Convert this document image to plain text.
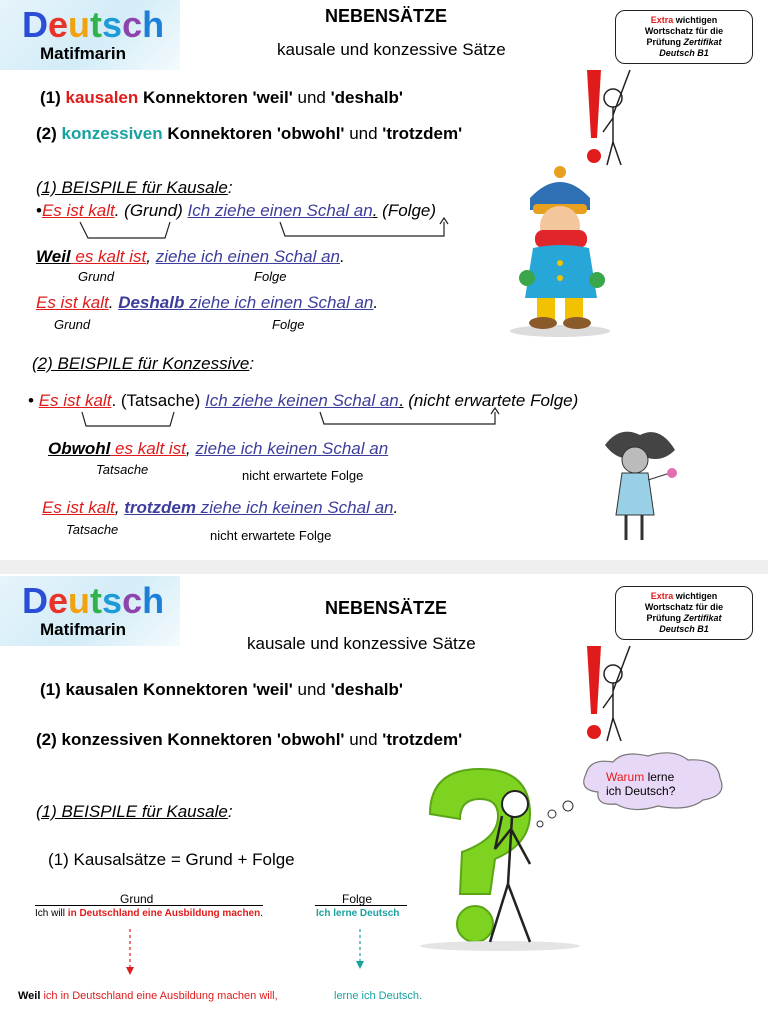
Deutsch
Matifmarin
NEBENSÄTZE
kausale und konzessive Sätze
Extra wichtigen
Wortschatz für die
Prüfung Zertifikat
Deutsch B1
(1) kausalen Konnektoren 'weil' und 'deshalb'
(2) konzessiven Konnektoren 'obwohl' und 'trotzdem'
(1) BEISPILE für Kausale:
•Es ist kalt. (Grund) Ich ziehe einen Schal an. (Folge)
Weil es kalt ist, ziehe ich einen Schal an.
Grund	Folge
Es ist kalt. Deshalb ziehe ich einen Schal an.
Grund	Folge
(2) BEISPILE für Konzessive:
• Es ist kalt. (Tatsache) Ich ziehe keinen Schal an. (nicht erwartete Folge)
Obwohl es kalt ist, ziehe ich keinen Schal an
Tatsache	nicht erwartete Folge
Es ist kalt, trotzdem ziehe ich keinen Schal an.
Tatsache	nicht erwartete Folge
Deutsch
Matifmarin
NEBENSÄTZE
kausale und konzessive Sätze
Extra wichtigen
Wortschatz für die
Prüfung Zertifikat
Deutsch B1
(1) kausalen Konnektoren 'weil' und 'deshalb'
(2) konzessiven Konnektoren 'obwohl' und 'trotzdem'
(1) BEISPILE für Kausale:
(1) Kausalsätze = Grund + Folge
Warum lerne
ich Deutsch?
Grund
Ich will in Deutschland eine Ausbildung machen.
Folge
Ich lerne Deutsch
Weil ich in Deutschland eine Ausbildung machen will,	lerne ich Deutsch.
